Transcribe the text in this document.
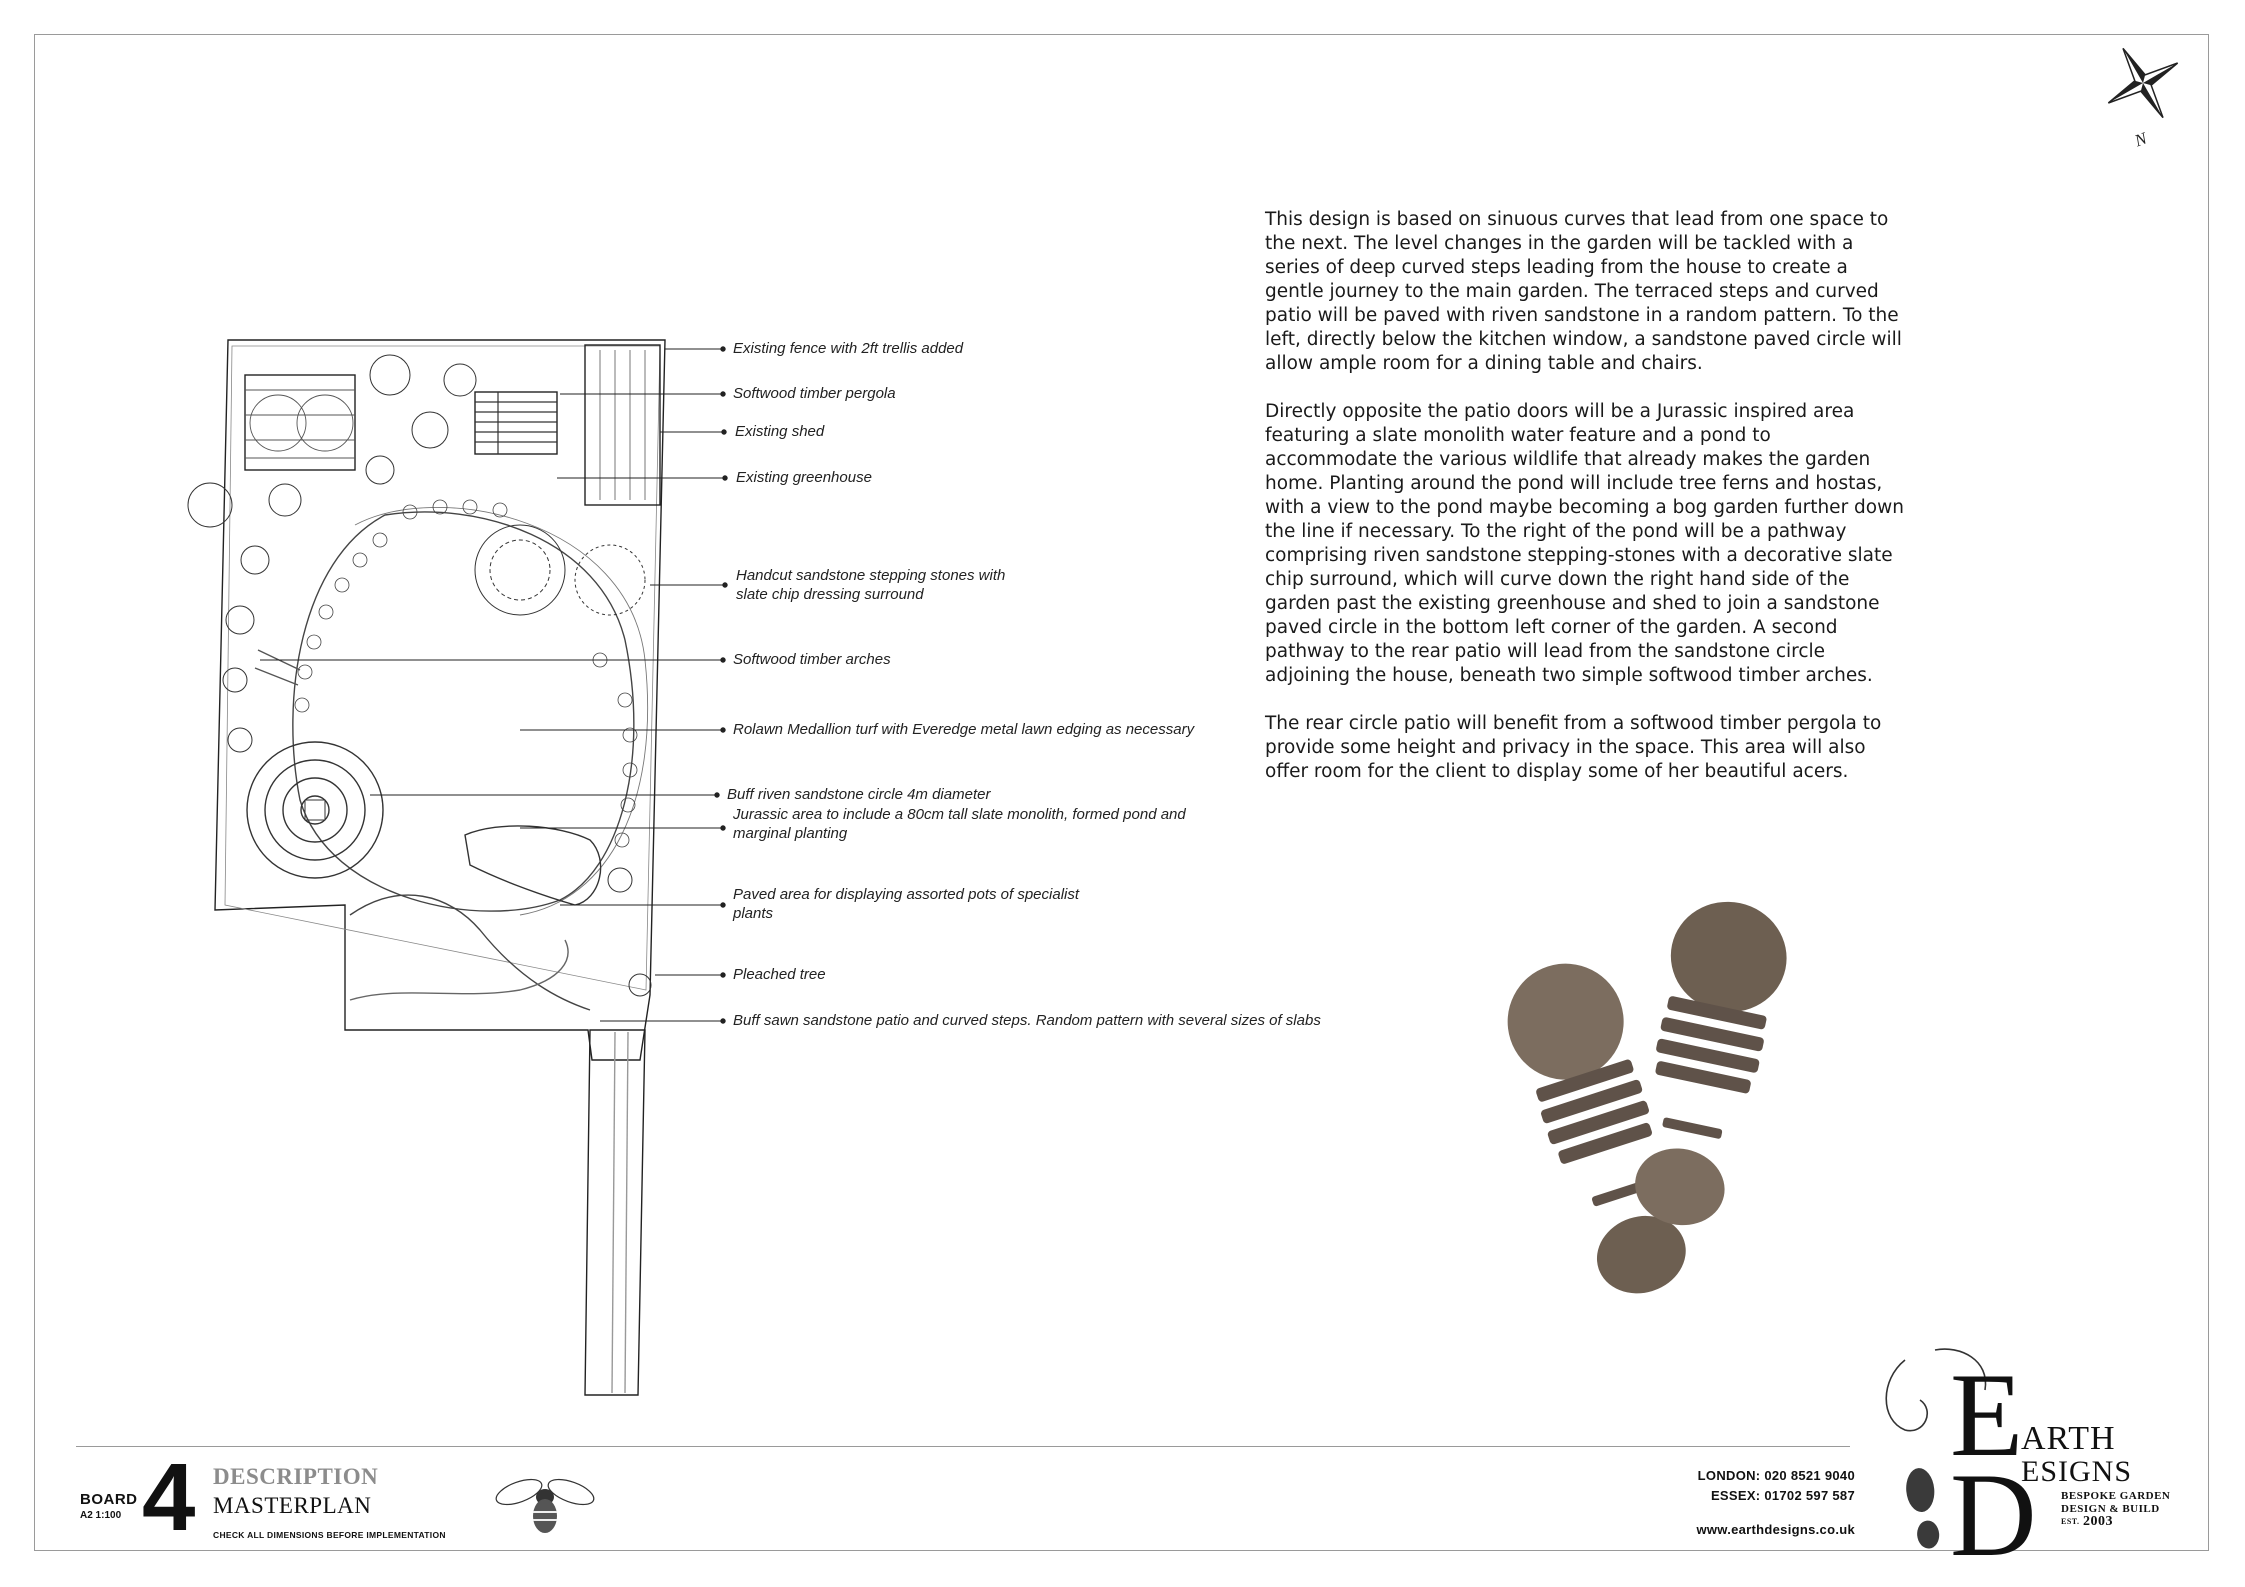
E
D
Existing fence with 2ft trellis added
Softwood timber pergola
Existing shed
Existing greenhouse
Handcut sandstone stepping stones with
slate chip dressing surround
Softwood timber arches
Rolawn Medallion turf with Everedge metal lawn edging as necessary
Buff riven sandstone circle 4m diameter
Jurassic area to include a 80cm tall slate monolith, formed pond and
marginal planting
Paved area for displaying assorted pots of specialist
plants
Pleached tree
Buff sawn sandstone patio and curved steps. Random pattern with several sizes of slabs
N

This design is based on sinuous curves that lead from one space to the next. The level changes in the garden will be tackled with a series of deep curved steps leading from the house to create a gentle journey to the main garden. The terraced steps and curved patio will be paved with riven sandstone in a random pattern. To the left, directly below the kitchen window, a sandstone paved circle will allow ample room for a dining table and chairs.

Directly opposite the patio doors will be a Jurassic inspired area featuring a slate monolith water feature and a pond to accommodate the various wildlife that already makes the garden home. Planting around the pond will include tree ferns and hostas, with a view to the pond maybe becoming a bog garden further down the line if necessary. To the right of the pond will be a pathway comprising riven sandstone stepping-stones with a decorative slate chip surround, which will curve down the right hand side of the garden past the existing greenhouse and shed to join a sandstone paved circle in the bottom left corner of the garden. A second pathway to the rear patio will lead from the sandstone circle adjoining the house, beneath two simple softwood timber arches.

The rear circle patio will benefit from a softwood timber pergola to provide some height and privacy in the space. This area will also offer room for the client to display some of her beautiful acers.

BOARD
A2 1:100 4 DESCRIPTION
MASTERPLAN
CHECK ALL DIMENSIONS BEFORE IMPLEMENTATION
LONDON: 020 8521 9040
ESSEX: 01702 597 587
www.earthdesigns.co.uk
ARTH
ESIGNS
BESPOKE GARDEN
DESIGN & BUILD
EST. 2003
